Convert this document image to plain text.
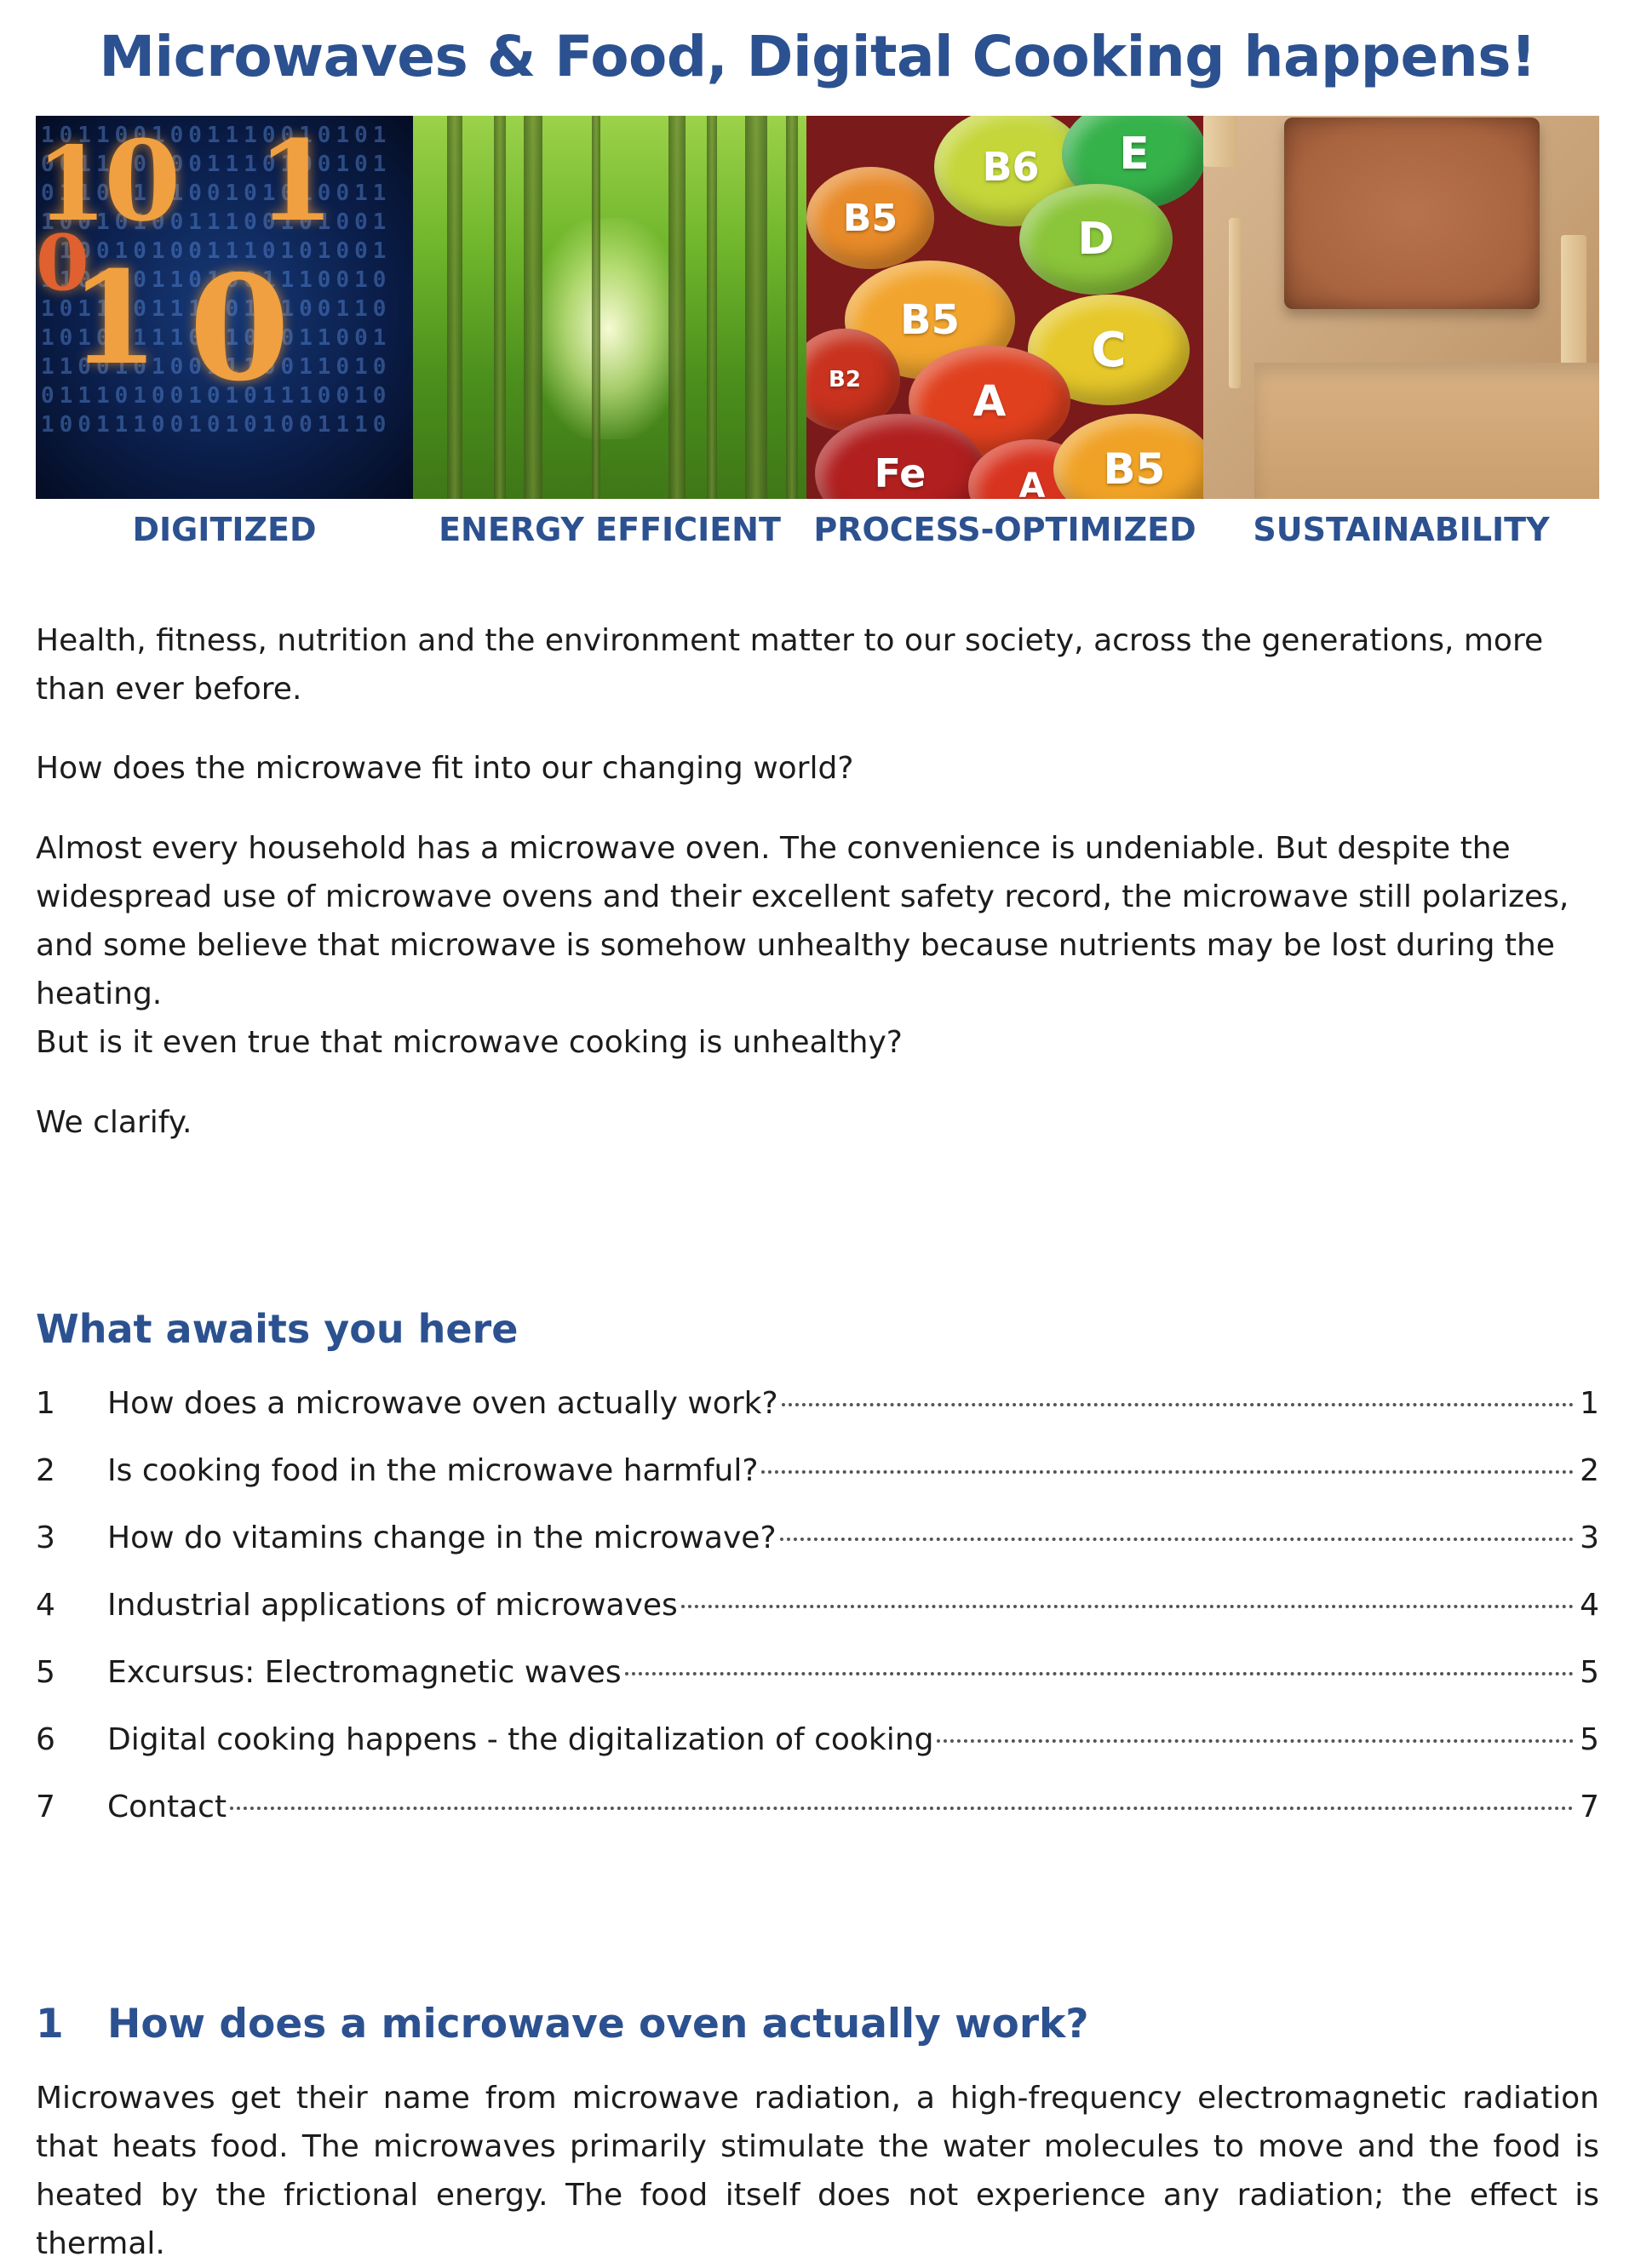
Microwaves & Food, Digital Cooking happens!
10110010011100101010011101001110100101011001110010101001110010100111001010011100101001110101001110010110100111001010110011100101001101010011100101011001110010100111001101001110100101011100101001110010101001110
1
0 1
1 0
0	B5
B6 E
D
B5
C
A
B2
Fe	A B5
DIGITIZED	ENERGY EFFICIENT	PROCESS-OPTIMIZED	SUSTAINABILITY

Health, fitness, nutrition and the environment matter to our society, across the generations, more than ever before.

How does the microwave fit into our changing world?

Almost every household has a microwave oven. The convenience is undeniable. But despite the widespread use of microwave ovens and their excellent safety record, the microwave still polarizes, and some believe that microwave is somehow unhealthy because nutrients may be lost during the heating.

But is it even true that microwave cooking is unhealthy?

We clarify.

What awaits you here
1	How does a microwave oven actually work?	1
2	Is cooking food in the microwave harmful?	2
3	How do vitamins change in the microwave?	3
4	Industrial applications of microwaves	4
5	Excursus: Electromagnetic waves	5
6	Digital cooking happens - the digitalization of cooking	5
7	Contact	7
1	How does a microwave oven actually work?

Microwaves get their name from microwave radiation, a high-frequency electromagnetic radiation that heats food. The microwaves primarily stimulate the water molecules to move and the food is heated by the frictional energy. The food itself does not experience any radiation; the effect is thermal.
